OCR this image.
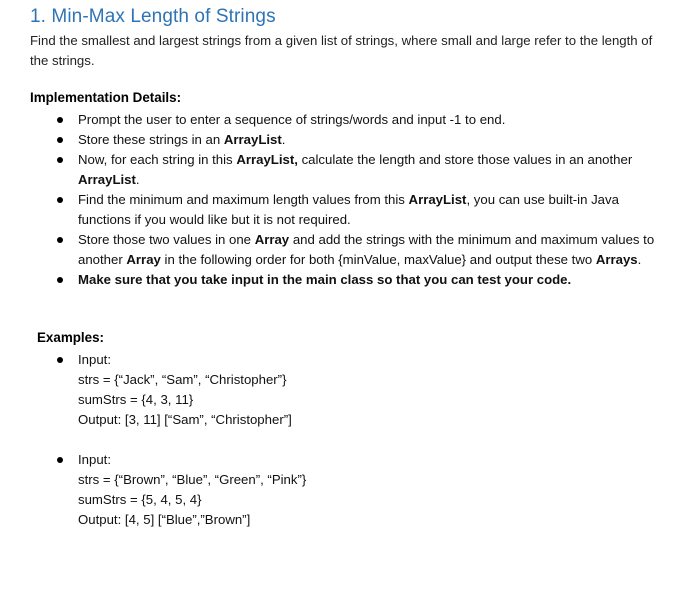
1. Min-Max Length of Strings
Find the smallest and largest strings from a given list of strings, where small and large refer to the length of the strings.
Implementation Details:
Prompt the user to enter a sequence of strings/words and input -1 to end.
Store these strings in an ArrayList.
Now, for each string in this ArrayList, calculate the length and store those values in an another ArrayList.
Find the minimum and maximum length values from this ArrayList, you can use built-in Java functions if you would like but it is not required.
Store those two values in one Array and add the strings with the minimum and maximum values to another Array in the following order for both {minValue, maxValue} and output these two Arrays.
Make sure that you take input in the main class so that you can test your code.
Examples:
Input:
strs = {“Jack”, “Sam”, “Christopher”}
sumStrs = {4, 3, 11}
Output: [3, 11] [“Sam”, “Christopher”]
Input:
strs = {“Brown”, “Blue”, “Green”, “Pink”}
sumStrs = {5, 4, 5, 4}
Output: [4, 5] [“Blue”,”Brown”]
